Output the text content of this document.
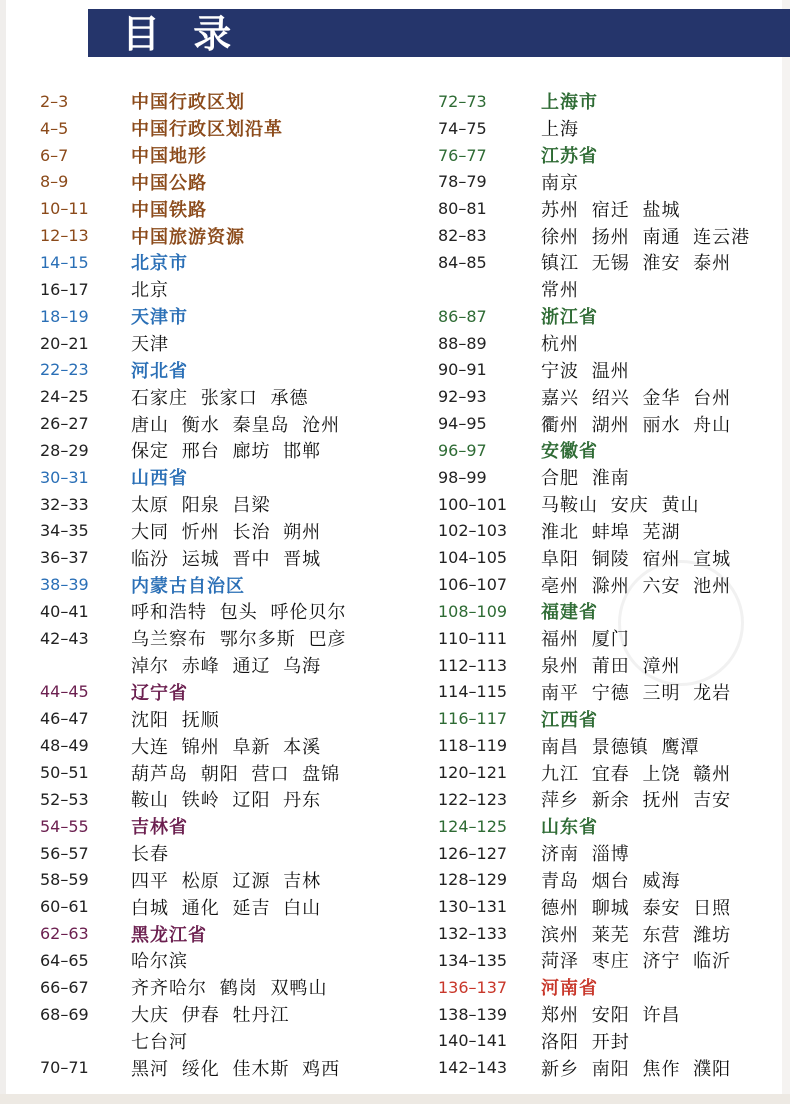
目 录
2–3	中国行政区划
4–5	中国行政区划沿革
6–7	中国地形
8–9	中国公路
10–11	中国铁路
12–13	中国旅游资源
14–15	北京市
16–17	北京
18–19	天津市
20–21	天津
22–23	河北省
24–25	石家庄 张家口 承德
26–27	唐山 衡水 秦皇岛 沧州
28–29	保定 邢台 廊坊 邯郸
30–31	山西省
32–33	太原 阳泉 吕梁
34–35	大同 忻州 长治 朔州
36–37	临汾 运城 晋中 晋城
38–39	内蒙古自治区
40–41	呼和浩特 包头 呼伦贝尔
42–43	乌兰察布 鄂尔多斯 巴彦
淖尔 赤峰 通辽 乌海
44–45	辽宁省
46–47	沈阳 抚顺
48–49	大连 锦州 阜新 本溪
50–51	葫芦岛 朝阳 营口 盘锦
52–53	鞍山 铁岭 辽阳 丹东
54–55	吉林省
56–57	长春
58–59	四平 松原 辽源 吉林
60–61	白城 通化 延吉 白山
62–63	黑龙江省
64–65	哈尔滨
66–67	齐齐哈尔 鹤岗 双鸭山
68–69	大庆 伊春 牡丹江
七台河
70–71	黑河 绥化 佳木斯 鸡西
72–73	上海市
74–75	上海
76–77	江苏省
78–79	南京
80–81	苏州 宿迁 盐城
82–83	徐州 扬州 南通 连云港
84–85	镇江 无锡 淮安 泰州
常州
86–87	浙江省
88–89	杭州
90–91	宁波 温州
92–93	嘉兴 绍兴 金华 台州
94–95	衢州 湖州 丽水 舟山
96–97	安徽省
98–99	合肥 淮南
100–101	马鞍山 安庆 黄山
102–103	淮北 蚌埠 芜湖
104–105	阜阳 铜陵 宿州 宣城
106–107	亳州 滁州 六安 池州
108–109	福建省
110–111	福州 厦门
112–113	泉州 莆田 漳州
114–115	南平 宁德 三明 龙岩
116–117	江西省
118–119	南昌 景德镇 鹰潭
120–121	九江 宜春 上饶 赣州
122–123	萍乡 新余 抚州 吉安
124–125	山东省
126–127	济南 淄博
128–129	青岛 烟台 威海
130–131	德州 聊城 泰安 日照
132–133	滨州 莱芜 东营 潍坊
134–135	菏泽 枣庄 济宁 临沂
136–137	河南省
138–139	郑州 安阳 许昌
140–141	洛阳 开封
142–143	新乡 南阳 焦作 濮阳
